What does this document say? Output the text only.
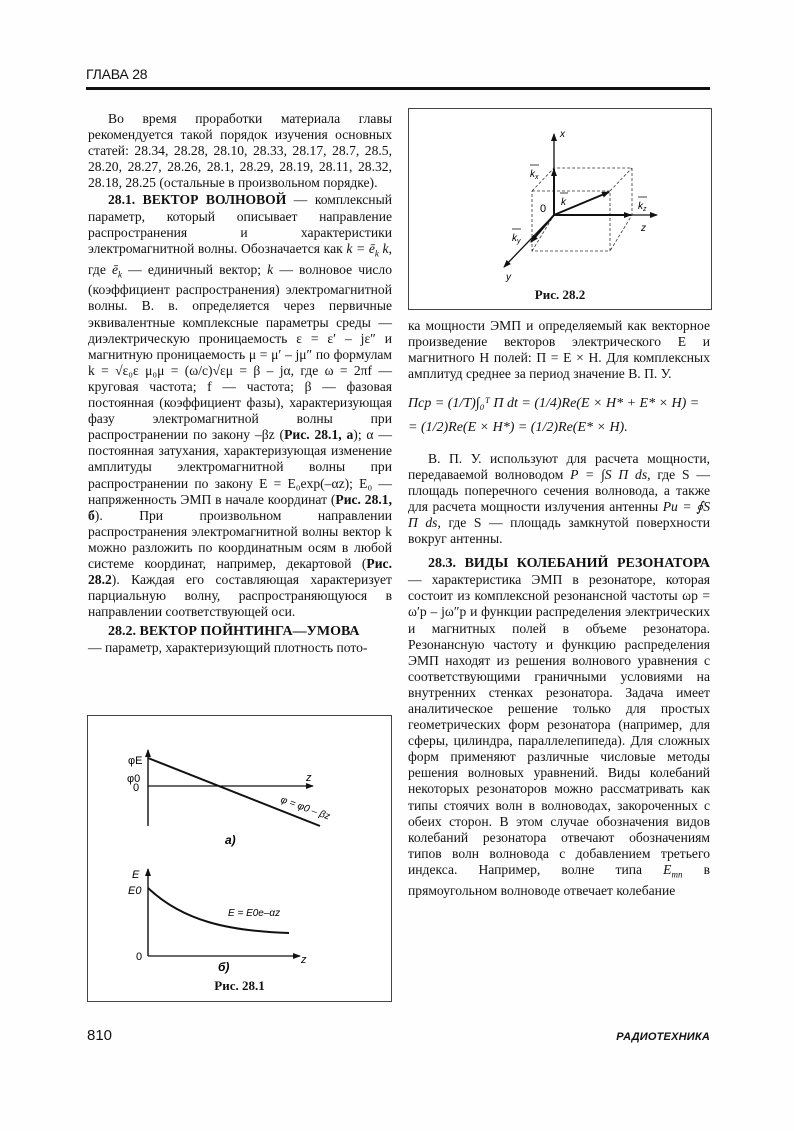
ГЛАВА 28

Во время проработки материала главы рекомендуется такой порядок изучения основных статей: 28.34, 28.28, 28.10, 28.33, 28.17, 28.7, 28.5, 28.20, 28.27, 28.26, 28.1, 28.29, 28.19, 28.11, 28.32, 28.18, 28.25 (остальные в произвольном порядке).

28.1. ВЕКТОР ВОЛНОВОЙ — комплексный параметр, который описывает направление распространения и характеристики электромагнитной волны. Обозначается как $k = ē_k$ k, где $ē_k$ — единичный вектор; k — волновое число (коэффициент распространения) электромагнитной волны. В. в. определяется через первичные эквивалентные комплексные параметры среды — диэлектрическую проницаемость ε = ε′ – jε″ и магнитную проницаемость μ = μ′ – jμ″ по формулам k = √ε₀ε μ₀μ = (ω/c)√εμ = β – jα, где ω = 2πf — круговая частота; f — частота; β — фазовая постоянная (коэффициент фазы), характеризующая фазу электромагнитной волны при распространении по закону –βz (Рис. 28.1, а); α — постоянная затухания, характеризующая изменение амплитуды электромагнитной волны при распространении по закону E = E₀exp(–αz); E₀ — напряженность ЭМП в начале координат (Рис. 28.1, б). При произвольном направлении распространения электромагнитной волны вектор k можно разложить по координатным осям в любой системе координат, например, декартовой (Рис. 28.2). Каждая его составляющая характеризует парциальную волну, распространяющуюся в направлении соответствующей оси.

28.2. ВЕКТОР ПОЙНТИНГА—УМОВА

— параметр, характеризующий плотность пото-

φE
φ0
0
z
φ = φ0 – βz
а)
E
E0
0	z
E = E0e–αz
б)
Рис. 28.1
x
z
y
0
$k_x$
k	$k_z$
$k_y$
Рис. 28.2

ка мощности ЭМП и определяемый как векторное произведение векторов электрического E и магнитного H полей: Π = E × H. Для комплексных амплитуд среднее за период значение В. П. У.

Πср = (1/T)∫₀ᵀ Π dt = (1/4)Re(E × H* + E* × H) =
= (1/2)Re(E × H*) = (1/2)Re(E* × H).

В. П. У. используют для расчета мощности, передаваемой волноводом P = ∫S Π ds, где S — площадь поперечного сечения волновода, а также для расчета мощности излучения антенны Pи = ∮S Π ds, где S — площадь замкнутой поверхности вокруг антенны.

28.3. ВИДЫ КОЛЕБАНИЙ РЕЗОНАТОРА — характеристика ЭМП в резонаторе, которая состоит из комплексной резонансной частоты ωр = ω′р – jω″р и функции распределения электрических и магнитных полей в объеме резонатора. Резонансную частоту и функцию распределения ЭМП находят из решения волнового уравнения с соответствующими граничными условиями на внутренних стенках резонатора. Задача имеет аналитическое решение только для простых геометрических форм резонатора (например, для сферы, цилиндра, параллелепипеда). Для сложных форм применяют различные числовые методы решения волновых уравнений. Виды колебаний некоторых резонаторов можно рассматривать как типы стоячих волн в волноводах, закороченных с обеих сторон. В этом случае обозначения видов колебаний резонатора отвечают обозначениям типов волн волновода с добавлением третьего индекса. Например, волне типа $E_{mn}$ в прямоугольном волноводе отвечает колебание

810	РАДИОТЕХНИКА
